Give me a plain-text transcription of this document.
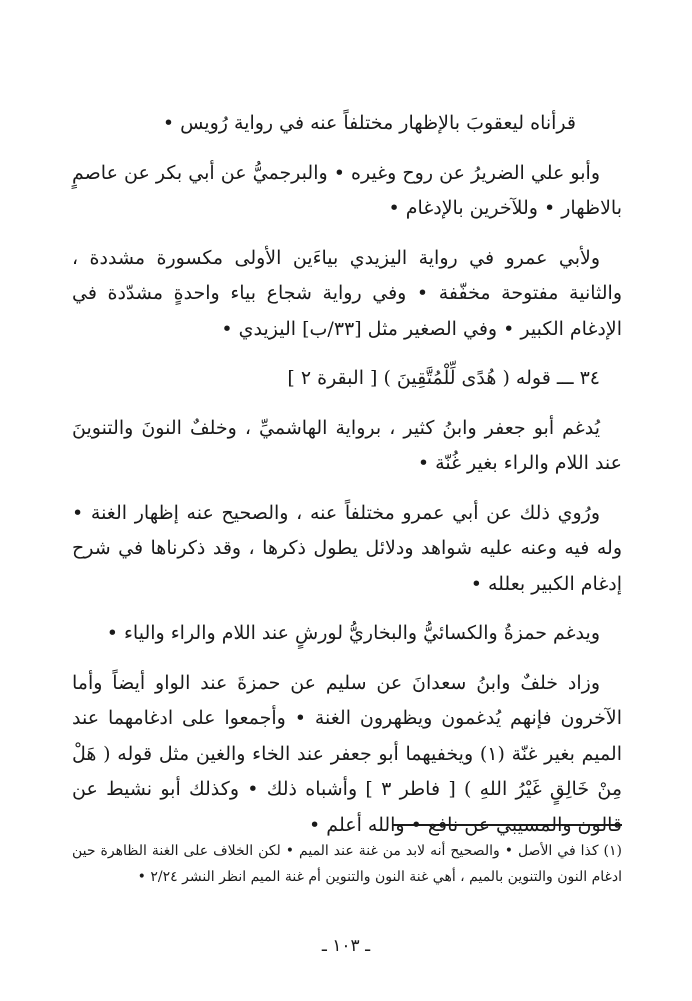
قرأناه ليعقوبَ بالإظهار مختلفاً عنه في رواية رُويس •

وأبو علي الضريرُ عن روح وغيره • والبرجميُّ عن أبي بكر عن عاصمٍ بالاظهار • وللآخرين بالإدغام •

ولأبي عمرو في رواية اليزيدي بياءَين الأولى مكسورة مشددة ، والثانية مفتوحة مخفّفة • وفي رواية شجاع بياء واحدةٍ مشدّدة في الإدغام الكبير • وفي الصغير مثل [٣٣/ب] اليزيدي •

٣٤ ـــ قوله ( هُدًى لِّلْمُتَّقِينَ ) [ البقرة ٢ ]

يُدغم أبو جعفر وابنُ كثير ، برواية الهاشميِّ ، وخلفٌ النونَ والتنوينَ عند اللام والراء بغير غُنّة •

ورُوي ذلك عن أبي عمرو مختلفاً عنه ، والصحيح عنه إظهار الغنة • وله فيه وعنه عليه شواهد ودلائل يطول ذكرها ، وقد ذكرناها في شرح إدغام الكبير بعلله •

ويدغم حمزةُ والكسائيُّ والبخاريُّ لورشٍ عند اللام والراء والياء •

وزاد خلفٌ وابنُ سعدانَ عن سليم عن حمزةَ عند الواو أيضاً وأما الآخرون فإنهم يُدغمون ويظهرون الغنة • وأجمعوا على ادغامهما عند الميم بغير غنّة (١) ويخفيهما أبو جعفر عند الخاء والغين مثل قوله ( هَلْ مِنْ خَالِقٍ غَيْرُ اللهِ ) [ فاطر ٣ ] وأشباه ذلك • وكذلك أبو نشيط عن قالون والمسيبي عن نافع • والله أعلم •

(١) كذا في الأصل • والصحيح أنه لابد من غنة عند الميم • لكن الخلاف على الغنة الظاهرة حين ادغام النون والتنوين بالميم ، أهي غنة النون والتنوين أم غنة الميم انظر النشر ٢/٢٤ •

ـ ١٠٣ ـ
